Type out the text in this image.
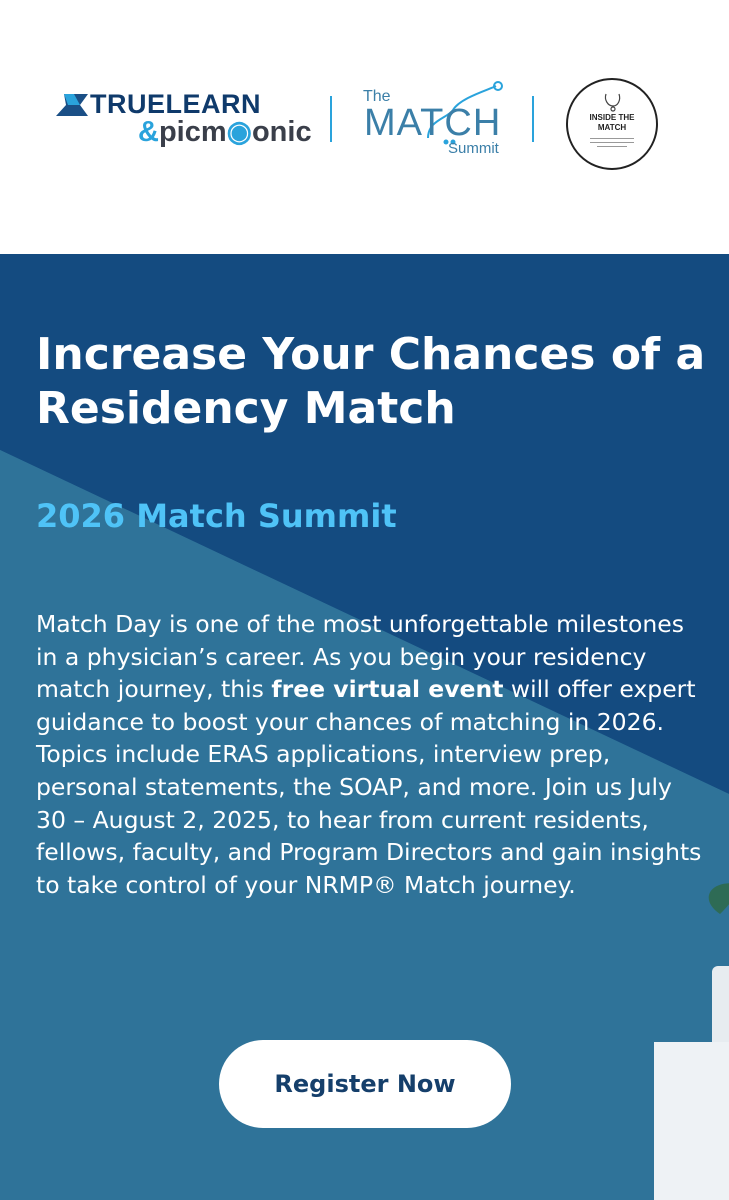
TRUELEARN
&picm◉onic
The
MATCH
Summit
INSIDE THE
MATCH
Increase Your Chances of a Residency Match
2026 Match Summit

Match Day is one of the most unforgettable milestones in a physician’s career. As you begin your residency match journey, this free virtual event will offer expert guidance to boost your chances of matching in 2026. Topics include ERAS applications, interview prep, personal statements, the SOAP, and more. Join us July 30 – August 2, 2025, to hear from current residents, fellows, faculty, and Program Directors and gain insights to take control of your NRMP® Match journey.

Register Now
